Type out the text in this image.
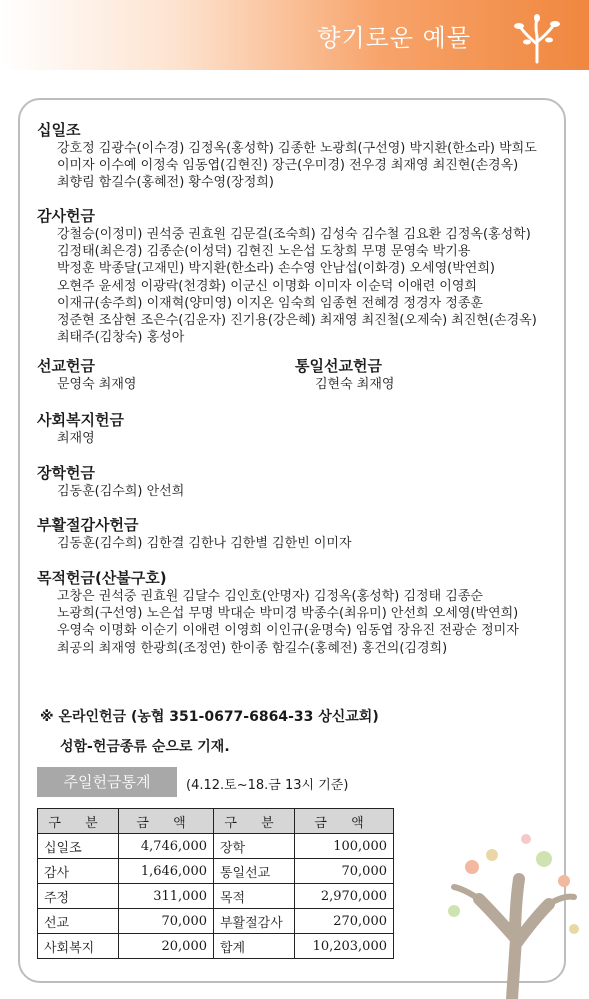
향기로운 예물
십일조
강호정 김광수(이수경) 김정옥(홍성학) 김종한 노광희(구선영) 박지환(한소라) 박희도
이미자 이수예 이정숙 임동엽(김현진) 장근(우미경) 전우경 최재영 최진현(손경옥)
최향림 함길수(홍혜전) 황수영(장정희)
감사헌금
강철승(이정미) 권석중 권효원 김문걸(조숙희) 김성숙 김수철 김요환 김정옥(홍성학)
김정태(최은경) 김종순(이성덕) 김현진 노은섭 도창희 무명 문영숙 박기용
박정훈 박종달(고재민) 박지환(한소라) 손수영 안남섭(이화경) 오세영(박연희)
오현주 윤세정 이광락(천경화) 이군신 이명화 이미자 이순덕 이애련 이영희
이재규(송주희) 이재혁(양미영) 이지온 임숙희 임종현 전혜경 정경자 정종훈
정준현 조삼현 조은수(김운자) 진기용(강은혜) 최재영 최진철(오제숙) 최진현(손경옥)
최태주(김창숙) 홍성아
선교헌금
문영숙 최재영
통일선교헌금
김현숙 최재영
사회복지헌금
최재영
장학헌금
김동훈(김수희) 안선희
부활절감사헌금
김동훈(김수희) 김한결 김한나 김한별 김한빈 이미자
목적헌금(산불구호)
고창은 권석중 권효원 김달수 김인호(안명자) 김정옥(홍성학) 김정태 김종순
노광희(구선영) 노은섭 무명 박대순 박미경 박종수(최유미) 안선희 오세영(박연희)
우영숙 이명화 이순기 이애련 이영희 이인규(윤명숙) 임동엽 장유진 전광순 정미자
최공의 최재영 한광희(조정연) 한이종 함길수(홍혜전) 홍건의(김경희)
※ 온라인헌금 (농협 351-0677-6864-33 상신교회)
성함-헌금종류 순으로 기재.
주일헌금통계	(4.12.토~18.금 13시 기준)
구 분	금 액	구 분	금 액
십일조	4,746,000	장학	100,000
감사	1,646,000	통일선교	70,000
주정	311,000	목적	2,970,000
선교	70,000	부활절감사	270,000
사회복지	20,000	합계	10,203,000
